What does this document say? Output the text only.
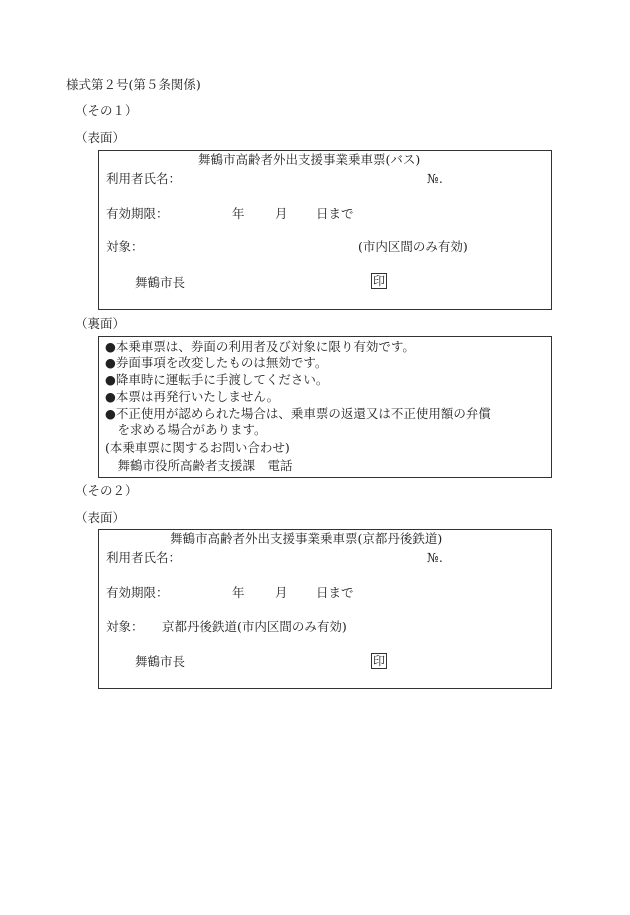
様式第２号(第５条関係)
（その１）
（表面）
舞鶴市高齢者外出支援事業乗車票(バス)
利用者氏名：	№.
有効期限：	年 月 日まで
対象：	(市内区間のみ有効)
舞鶴市長	印
（裏面）
●本乗車票は、券面の利用者及び対象に限り有効です。
●券面事項を改変したものは無効です。
●降車時に運転手に手渡してください。
●本票は再発行いたしません。
●不正使用が認められた場合は、乗車票の返還又は不正使用額の弁償
　を求める場合があります。
(本乗車票に関するお問い合わせ)
　舞鶴市役所高齢者支援課　電話
（その２）
（表面）
舞鶴市高齢者外出支援事業乗車票(京都丹後鉄道)
利用者氏名：	№.
有効期限：	年 月 日まで
対象： 京都丹後鉄道(市内区間のみ有効)
舞鶴市長	印
